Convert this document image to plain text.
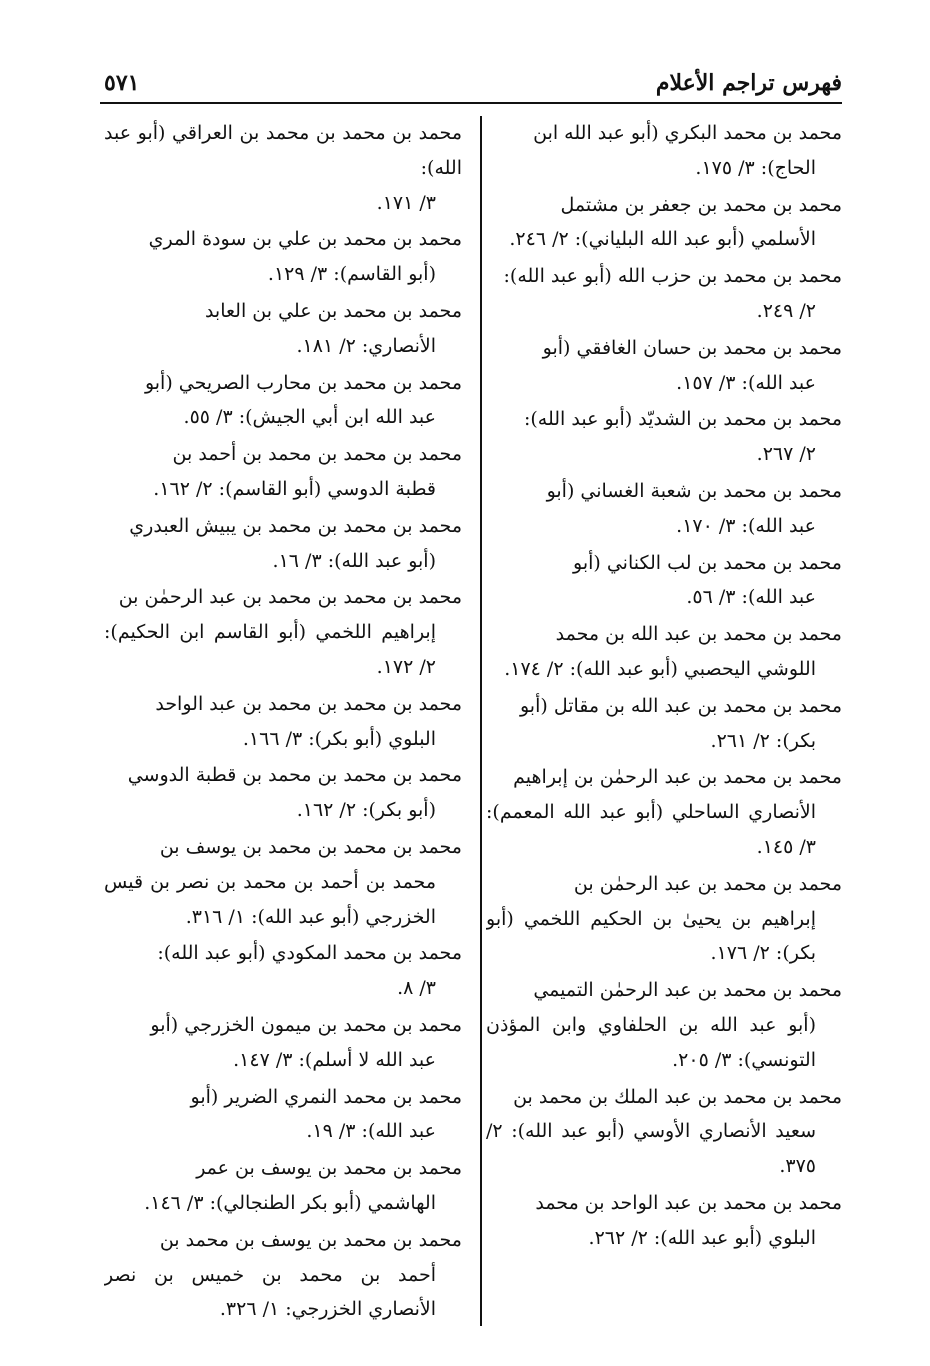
فهرس تراجم الأعلام
٥٧١
محمد بن محمد البكري (أبو عبد الله ابن
الحاج): ٣/ ١٧٥.
محمد بن محمد بن جعفر بن مشتمل
الأسلمي (أبو عبد الله البلياني): ٢/ ٢٤٦.
محمد بن محمد بن حزب الله (أبو عبد الله):
٢/ ٢٤٩.
محمد بن محمد بن حسان الغافقي (أبو
عبد الله): ٣/ ١٥٧.
محمد بن محمد بن الشديّد (أبو عبد الله):
٢/ ٢٦٧.
محمد بن محمد بن شعبة الغساني (أبو
عبد الله): ٣/ ١٧٠.
محمد بن محمد بن لب الكناني (أبو
عبد الله): ٣/ ٥٦.
محمد بن محمد بن عبد الله بن محمد
اللوشي اليحصبي (أبو عبد الله): ٢/ ١٧٤.
محمد بن محمد بن عبد الله بن مقاتل (أبو
بكر): ٢/ ٢٦١.
محمد بن محمد بن عبد الرحمٰن بن إبراهيم
الأنصاري الساحلي (أبو عبد الله المعمم): ٣/ ١٤٥.
محمد بن محمد بن عبد الرحمٰن بن
إبراهيم بن يحيىٰ بن الحكيم اللخمي (أبو بكر): ٢/ ١٧٦.
محمد بن محمد بن عبد الرحمٰن التميمي
(أبو عبد الله بن الحلفاوي وابن المؤذن التونسي): ٣/ ٢٠٥.
محمد بن محمد بن عبد الملك بن محمد بن
سعيد الأنصاري الأوسي (أبو عبد الله): ٢/ ٣٧٥.
محمد بن محمد بن عبد الواحد بن محمد
البلوي (أبو عبد الله): ٢/ ٢٦٢.
محمد بن محمد بن محمد بن العراقي (أبو عبد الله):
٣/ ١٧١.
محمد بن محمد بن علي بن سودة المري
(أبو القاسم): ٣/ ١٢٩.
محمد بن محمد بن علي بن العابد
الأنصاري: ٢/ ١٨١.
محمد بن محمد بن محارب الصريحي (أبو
عبد الله ابن أبي الجيش): ٣/ ٥٥.
محمد بن محمد بن محمد بن أحمد بن
قطبة الدوسي (أبو القاسم): ٢/ ١٦٢.
محمد بن محمد بن محمد بن يبيش العبدري
(أبو عبد الله): ٣/ ١٦.
محمد بن محمد بن محمد بن عبد الرحمٰن بن
إبراهيم اللخمي (أبو القاسم ابن الحكيم): ٢/ ١٧٢.
محمد بن محمد بن محمد بن عبد الواحد
البلوي (أبو بكر): ٣/ ١٦٦.
محمد بن محمد بن محمد بن قطبة الدوسي
(أبو بكر): ٢/ ١٦٢.
محمد بن محمد بن محمد بن يوسف بن
محمد بن أحمد بن محمد بن نصر بن قيس الخزرجي (أبو عبد الله): ١/ ٣١٦.
محمد بن محمد المكودي (أبو عبد الله):
٣/ ٨.
محمد بن محمد بن ميمون الخزرجي (أبو
عبد الله لا أسلم): ٣/ ١٤٧.
محمد بن محمد النمري الضرير (أبو
عبد الله): ٣/ ١٩.
محمد بن محمد بن يوسف بن عمر
الهاشمي (أبو بكر الطنجالي): ٣/ ١٤٦.
محمد بن محمد بن يوسف بن محمد بن
أحمد بن محمد بن خميس بن نصر الأنصاري الخزرجي: ١/ ٣٢٦.
